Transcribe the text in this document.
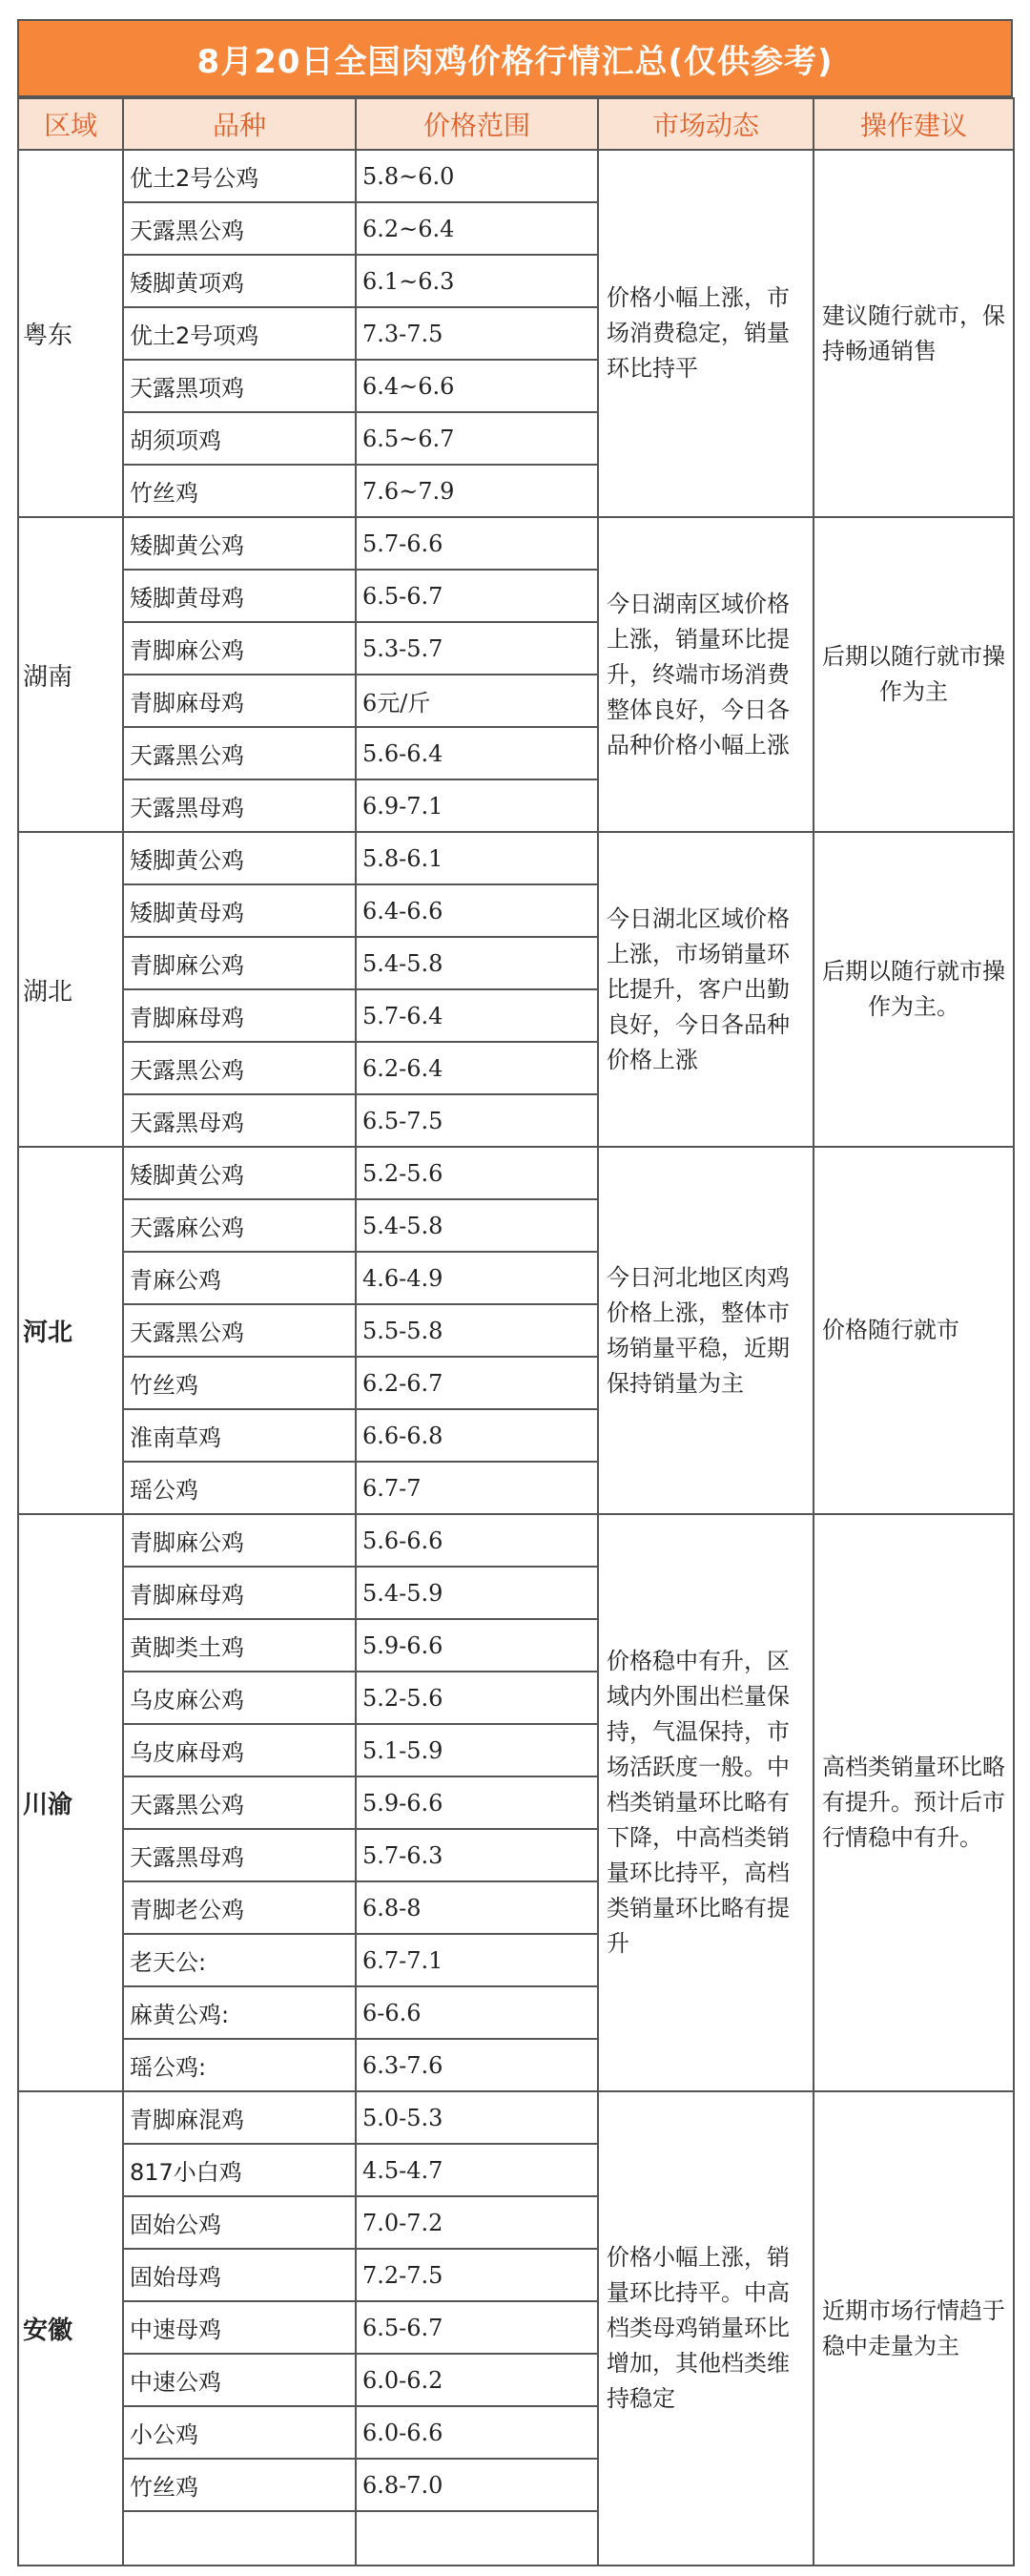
8月20日全国肉鸡价格行情汇总(仅供参考)
区域	品种	价格范围	市场动态	操作建议
粤东	优土2号公鸡	5.8~6.0	价格小幅上涨，市场消费稳定，销量环比持平	建议随行就市，保持畅通销售
	天露黑公鸡	6.2~6.4		
	矮脚黄项鸡	6.1~6.3		
	优土2号项鸡	7.3-7.5		
	天露黑项鸡	6.4~6.6		
	胡须项鸡	6.5~6.7		
	竹丝鸡	7.6~7.9		
湖南	矮脚黄公鸡	5.7-6.6	今日湖南区域价格上涨，销量环比提升，终端市场消费整体良好，今日各品种价格小幅上涨	后期以随行就市操作为主
	矮脚黄母鸡	6.5-6.7		
	青脚麻公鸡	5.3-5.7		
	青脚麻母鸡	6元/斤		
	天露黑公鸡	5.6-6.4		
	天露黑母鸡	6.9-7.1		
湖北	矮脚黄公鸡	5.8-6.1	今日湖北区域价格上涨，市场销量环比提升，客户出勤良好，今日各品种价格上涨	后期以随行就市操作为主。
	矮脚黄母鸡	6.4-6.6		
	青脚麻公鸡	5.4-5.8		
	青脚麻母鸡	5.7-6.4		
	天露黑公鸡	6.2-6.4		
	天露黑母鸡	6.5-7.5		
河北	矮脚黄公鸡	5.2-5.6	今日河北地区肉鸡价格上涨，整体市场销量平稳，近期保持销量为主	价格随行就市
	天露麻公鸡	5.4-5.8		
	青麻公鸡	4.6-4.9		
	天露黑公鸡	5.5-5.8		
	竹丝鸡	6.2-6.7		
	淮南草鸡	6.6-6.8		
	瑶公鸡	6.7-7		
川渝	青脚麻公鸡	5.6-6.6	价格稳中有升，区域内外围出栏量保持，气温保持，市场活跃度一般。中档类销量环比略有下降，中高档类销量环比持平，高档类销量环比略有提升	高档类销量环比略有提升。预计后市行情稳中有升。
	青脚麻母鸡	5.4-5.9		
	黄脚类土鸡	5.9-6.6		
	乌皮麻公鸡	5.2-5.6		
	乌皮麻母鸡	5.1-5.9		
	天露黑公鸡	5.9-6.6		
	天露黑母鸡	5.7-6.3		
	青脚老公鸡	6.8-8		
	老天公:	6.7-7.1		
	麻黄公鸡:	6-6.6		
	瑶公鸡:	6.3-7.6		
安徽	青脚麻混鸡	5.0-5.3	价格小幅上涨，销量环比持平。中高档类母鸡销量环比增加，其他档类维持稳定	近期市场行情趋于稳中走量为主
	817小白鸡	4.5-4.7		
	固始公鸡	7.0-7.2		
	固始母鸡	7.2-7.5		
	中速母鸡	6.5-6.7		
	中速公鸡	6.0-6.2		
	小公鸡	6.0-6.6		
	竹丝鸡	6.8-7.0		
